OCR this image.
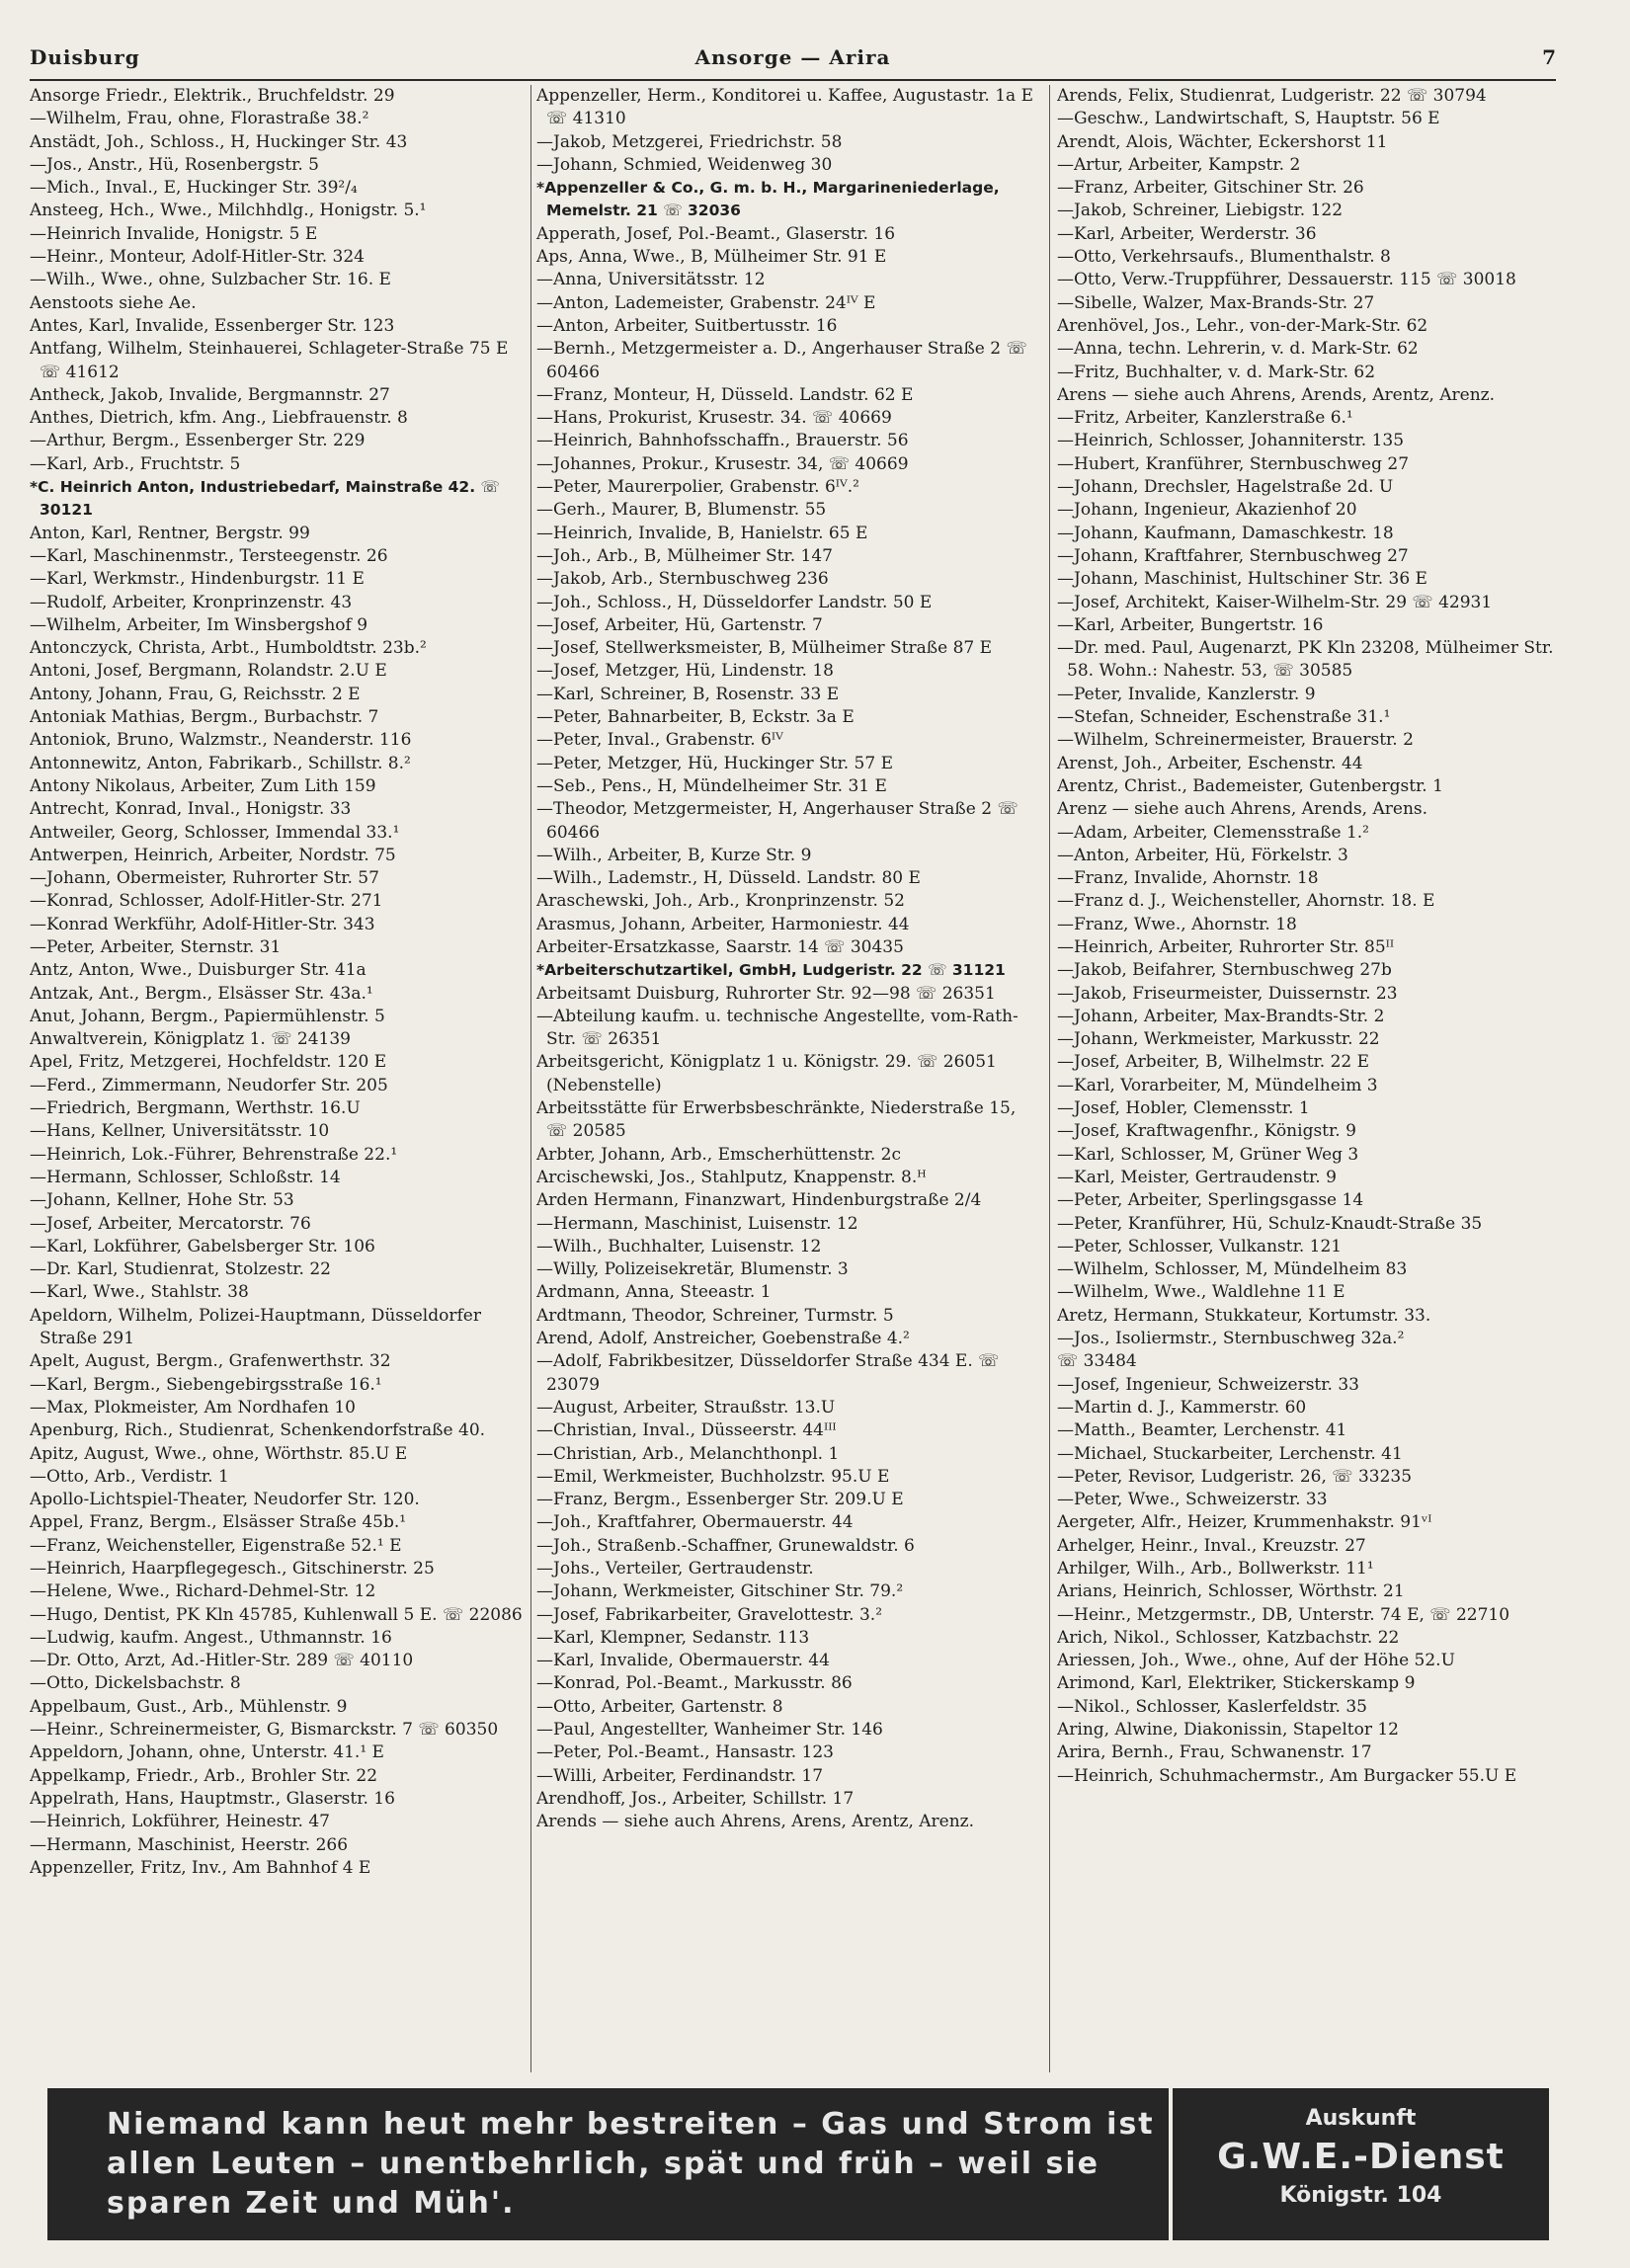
Duisburg	Ansorge — Arira	7
Ansorge Friedr., Elektrik., Bruchfeldstr. 29
—Wilhelm, Frau, ohne, Florastraße 38.²
Anstädt, Joh., Schloss., H, Huckinger Str. 43
—Jos., Anstr., Hü, Rosenbergstr. 5
—Mich., Inval., E, Huckinger Str. 39²/₄
Ansteeg, Hch., Wwe., Milchhdlg., Honigstr. 5.¹
—Heinrich Invalide, Honigstr. 5 E
—Heinr., Monteur, Adolf-Hitler-Str. 324
—Wilh., Wwe., ohne, Sulzbacher Str. 16. E
Aenstoots siehe Ae.
Antes, Karl, Invalide, Essenberger Str. 123
Antfang, Wilhelm, Steinhauerei, Schlageter-Straße 75 E ☏ 41612
Antheck, Jakob, Invalide, Bergmannstr. 27
Anthes, Dietrich, kfm. Ang., Liebfrauenstr. 8
—Arthur, Bergm., Essenberger Str. 229
—Karl, Arb., Fruchtstr. 5
*C. Heinrich Anton, Industriebedarf, Mainstraße 42. ☏ 30121
Anton, Karl, Rentner, Bergstr. 99
—Karl, Maschinenmstr., Tersteegenstr. 26
—Karl, Werkmstr., Hindenburgstr. 11 E
—Rudolf, Arbeiter, Kronprinzenstr. 43
—Wilhelm, Arbeiter, Im Winsbergshof 9
Antonczyck, Christa, Arbt., Humboldtstr. 23b.²
Antoni, Josef, Bergmann, Rolandstr. 2.U E
Antony, Johann, Frau, G, Reichsstr. 2 E
Antoniak Mathias, Bergm., Burbachstr. 7
Antoniok, Bruno, Walzmstr., Neanderstr. 116
Antonnewitz, Anton, Fabrikarb., Schillstr. 8.²
Antony Nikolaus, Arbeiter, Zum Lith 159
Antrecht, Konrad, Inval., Honigstr. 33
Antweiler, Georg, Schlosser, Immendal 33.¹
Antwerpen, Heinrich, Arbeiter, Nordstr. 75
—Johann, Obermeister, Ruhrorter Str. 57
—Konrad, Schlosser, Adolf-Hitler-Str. 271
—Konrad Werkführ, Adolf-Hitler-Str. 343
—Peter, Arbeiter, Sternstr. 31
Antz, Anton, Wwe., Duisburger Str. 41a
Antzak, Ant., Bergm., Elsässer Str. 43a.¹
Anut, Johann, Bergm., Papiermühlenstr. 5
Anwaltverein, Königplatz 1. ☏ 24139
Apel, Fritz, Metzgerei, Hochfeldstr. 120 E
—Ferd., Zimmermann, Neudorfer Str. 205
—Friedrich, Bergmann, Werthstr. 16.U
—Hans, Kellner, Universitätsstr. 10
—Heinrich, Lok.-Führer, Behrenstraße 22.¹
—Hermann, Schlosser, Schloßstr. 14
—Johann, Kellner, Hohe Str. 53
—Josef, Arbeiter, Mercatorstr. 76
—Karl, Lokführer, Gabelsberger Str. 106
—Dr. Karl, Studienrat, Stolzestr. 22
—Karl, Wwe., Stahlstr. 38
Apeldorn, Wilhelm, Polizei-Hauptmann, Düsseldorfer Straße 291
Apelt, August, Bergm., Grafenwerthstr. 32
—Karl, Bergm., Siebengebirgsstraße 16.¹
—Max, Plokmeister, Am Nordhafen 10
Apenburg, Rich., Studienrat, Schenkendorfstraße 40.
Apitz, August, Wwe., ohne, Wörthstr. 85.U E
—Otto, Arb., Verdistr. 1
Apollo-Lichtspiel-Theater, Neudorfer Str. 120.
Appel, Franz, Bergm., Elsässer Straße 45b.¹
—Franz, Weichensteller, Eigenstraße 52.¹ E
—Heinrich, Haarpflegegesch., Gitschinerstr. 25
—Helene, Wwe., Richard-Dehmel-Str. 12
—Hugo, Dentist, PK Kln 45785, Kuhlenwall 5 E. ☏ 22086
—Ludwig, kaufm. Angest., Uthmannstr. 16
—Dr. Otto, Arzt, Ad.-Hitler-Str. 289 ☏ 40110
—Otto, Dickelsbachstr. 8
Appelbaum, Gust., Arb., Mühlenstr. 9
—Heinr., Schreinermeister, G, Bismarckstr. 7 ☏ 60350
Appeldorn, Johann, ohne, Unterstr. 41.¹ E
Appelkamp, Friedr., Arb., Brohler Str. 22
Appelrath, Hans, Hauptmstr., Glaserstr. 16
—Heinrich, Lokführer, Heinestr. 47
—Hermann, Maschinist, Heerstr. 266
Appenzeller, Fritz, Inv., Am Bahnhof 4 E
Appenzeller, Herm., Konditorei u. Kaffee, Augustastr. 1a E ☏ 41310
—Jakob, Metzgerei, Friedrichstr. 58
—Johann, Schmied, Weidenweg 30
*Appenzeller & Co., G. m. b. H., Margarineniederlage, Memelstr. 21 ☏ 32036
Apperath, Josef, Pol.-Beamt., Glaserstr. 16
Aps, Anna, Wwe., B, Mülheimer Str. 91 E
—Anna, Universitätsstr. 12
—Anton, Lademeister, Grabenstr. 24ᴵⱽ E
—Anton, Arbeiter, Suitbertusstr. 16
—Bernh., Metzgermeister a. D., Angerhauser Straße 2 ☏ 60466
—Franz, Monteur, H, Düsseld. Landstr. 62 E
—Hans, Prokurist, Krusestr. 34. ☏ 40669
—Heinrich, Bahnhofsschaffn., Brauerstr. 56
—Johannes, Prokur., Krusestr. 34, ☏ 40669
—Peter, Maurerpolier, Grabenstr. 6ᴵⱽ.²
—Gerh., Maurer, B, Blumenstr. 55
—Heinrich, Invalide, B, Hanielstr. 65 E
—Joh., Arb., B, Mülheimer Str. 147
—Jakob, Arb., Sternbuschweg 236
—Joh., Schloss., H, Düsseldorfer Landstr. 50 E
—Josef, Arbeiter, Hü, Gartenstr. 7
—Josef, Stellwerksmeister, B, Mülheimer Straße 87 E
—Josef, Metzger, Hü, Lindenstr. 18
—Karl, Schreiner, B, Rosenstr. 33 E
—Peter, Bahnarbeiter, B, Eckstr. 3a E
—Peter, Inval., Grabenstr. 6ᴵⱽ
—Peter, Metzger, Hü, Huckinger Str. 57 E
—Seb., Pens., H, Mündelheimer Str. 31 E
—Theodor, Metzgermeister, H, Angerhauser Straße 2 ☏ 60466
—Wilh., Arbeiter, B, Kurze Str. 9
—Wilh., Lademstr., H, Düsseld. Landstr. 80 E
Araschewski, Joh., Arb., Kronprinzenstr. 52
Arasmus, Johann, Arbeiter, Harmoniestr. 44
Arbeiter-Ersatzkasse, Saarstr. 14 ☏ 30435
*Arbeiterschutzartikel, GmbH, Ludgeristr. 22 ☏ 31121
Arbeitsamt Duisburg, Ruhrorter Str. 92—98 ☏ 26351
—Abteilung kaufm. u. technische Angestellte, vom-Rath-Str. ☏ 26351
Arbeitsgericht, Königplatz 1 u. Königstr. 29. ☏ 26051 (Nebenstelle)
Arbeitsstätte für Erwerbsbeschränkte, Niederstraße 15, ☏ 20585
Arbter, Johann, Arb., Emscherhüttenstr. 2c
Arcischewski, Jos., Stahlputz, Knappenstr. 8.ᴴ
Arden Hermann, Finanzwart, Hindenburgstraße 2/4
—Hermann, Maschinist, Luisenstr. 12
—Wilh., Buchhalter, Luisenstr. 12
—Willy, Polizeisekretär, Blumenstr. 3
Ardmann, Anna, Steeastr. 1
Ardtmann, Theodor, Schreiner, Turmstr. 5
Arend, Adolf, Anstreicher, Goebenstraße 4.²
—Adolf, Fabrikbesitzer, Düsseldorfer Straße 434 E. ☏ 23079
—August, Arbeiter, Straußstr. 13.U
—Christian, Inval., Düsseerstr. 44ᴵᴵᴵ
—Christian, Arb., Melanchthonpl. 1
—Emil, Werkmeister, Buchholzstr. 95.U E
—Franz, Bergm., Essenberger Str. 209.U E
—Joh., Kraftfahrer, Obermauerstr. 44
—Joh., Straßenb.-Schaffner, Grunewaldstr. 6
—Johs., Verteiler, Gertraudenstr.
—Johann, Werkmeister, Gitschiner Str. 79.²
—Josef, Fabrikarbeiter, Gravelottestr. 3.²
—Karl, Klempner, Sedanstr. 113
—Karl, Invalide, Obermauerstr. 44
—Konrad, Pol.-Beamt., Markusstr. 86
—Otto, Arbeiter, Gartenstr. 8
—Paul, Angestellter, Wanheimer Str. 146
—Peter, Pol.-Beamt., Hansastr. 123
—Willi, Arbeiter, Ferdinandstr. 17
Arendhoff, Jos., Arbeiter, Schillstr. 17
Arends — siehe auch Ahrens, Arens, Arentz, Arenz.
Arends, Felix, Studienrat, Ludgeristr. 22 ☏ 30794
—Geschw., Landwirtschaft, S, Hauptstr. 56 E
Arendt, Alois, Wächter, Eckershorst 11
—Artur, Arbeiter, Kampstr. 2
—Franz, Arbeiter, Gitschiner Str. 26
—Jakob, Schreiner, Liebigstr. 122
—Karl, Arbeiter, Werderstr. 36
—Otto, Verkehrsaufs., Blumenthalstr. 8
—Otto, Verw.-Truppführer, Dessauerstr. 115 ☏ 30018
—Sibelle, Walzer, Max-Brands-Str. 27
Arenhövel, Jos., Lehr., von-der-Mark-Str. 62
—Anna, techn. Lehrerin, v. d. Mark-Str. 62
—Fritz, Buchhalter, v. d. Mark-Str. 62
Arens — siehe auch Ahrens, Arends, Arentz, Arenz.
—Fritz, Arbeiter, Kanzlerstraße 6.¹
—Heinrich, Schlosser, Johanniterstr. 135
—Hubert, Kranführer, Sternbuschweg 27
—Johann, Drechsler, Hagelstraße 2d. U
—Johann, Ingenieur, Akazienhof 20
—Johann, Kaufmann, Damaschkestr. 18
—Johann, Kraftfahrer, Sternbuschweg 27
—Johann, Maschinist, Hultschiner Str. 36 E
—Josef, Architekt, Kaiser-Wilhelm-Str. 29 ☏ 42931
—Karl, Arbeiter, Bungertstr. 16
—Dr. med. Paul, Augenarzt, PK Kln 23208, Mülheimer Str. 58. Wohn.: Nahestr. 53, ☏ 30585
—Peter, Invalide, Kanzlerstr. 9
—Stefan, Schneider, Eschenstraße 31.¹
—Wilhelm, Schreinermeister, Brauerstr. 2
Arenst, Joh., Arbeiter, Eschenstr. 44
Arentz, Christ., Bademeister, Gutenbergstr. 1
Arenz — siehe auch Ahrens, Arends, Arens.
—Adam, Arbeiter, Clemensstraße 1.²
—Anton, Arbeiter, Hü, Förkelstr. 3
—Franz, Invalide, Ahornstr. 18
—Franz d. J., Weichensteller, Ahornstr. 18. E
—Franz, Wwe., Ahornstr. 18
—Heinrich, Arbeiter, Ruhrorter Str. 85ᴵᴵ
—Jakob, Beifahrer, Sternbuschweg 27b
—Jakob, Friseurmeister, Duissernstr. 23
—Johann, Arbeiter, Max-Brandts-Str. 2
—Johann, Werkmeister, Markusstr. 22
—Josef, Arbeiter, B, Wilhelmstr. 22 E
—Karl, Vorarbeiter, M, Mündelheim 3
—Josef, Hobler, Clemensstr. 1
—Josef, Kraftwagenfhr., Königstr. 9
—Karl, Schlosser, M, Grüner Weg 3
—Karl, Meister, Gertraudenstr. 9
—Peter, Arbeiter, Sperlingsgasse 14
—Peter, Kranführer, Hü, Schulz-Knaudt-Straße 35
—Peter, Schlosser, Vulkanstr. 121
—Wilhelm, Schlosser, M, Mündelheim 83
—Wilhelm, Wwe., Waldlehne 11 E
Aretz, Hermann, Stukkateur, Kortumstr. 33.
—Jos., Isoliermstr., Sternbuschweg 32a.²
☏ 33484
—Josef, Ingenieur, Schweizerstr. 33
—Martin d. J., Kammerstr. 60
—Matth., Beamter, Lerchenstr. 41
—Michael, Stuckarbeiter, Lerchenstr. 41
—Peter, Revisor, Ludgeristr. 26, ☏ 33235
—Peter, Wwe., Schweizerstr. 33
Aergeter, Alfr., Heizer, Krummenhakstr. 91ᵛᴵ
Arhelger, Heinr., Inval., Kreuzstr. 27
Arhilger, Wilh., Arb., Bollwerkstr. 11¹
Arians, Heinrich, Schlosser, Wörthstr. 21
—Heinr., Metzgermstr., DB, Unterstr. 74 E, ☏ 22710
Arich, Nikol., Schlosser, Katzbachstr. 22
Ariessen, Joh., Wwe., ohne, Auf der Höhe 52.U
Arimond, Karl, Elektriker, Stickerskamp 9
—Nikol., Schlosser, Kaslerfeldstr. 35
Aring, Alwine, Diakonissin, Stapeltor 12
Arira, Bernh., Frau, Schwanenstr. 17
—Heinrich, Schuhmachermstr., Am Burgacker 55.U E
Niemand kann heut mehr bestreiten – Gas und Strom ist
allen Leuten – unentbehrlich, spät und früh – weil sie
sparen Zeit und Müh'.
Auskunft
G.W.E.-Dienst
Königstr. 104
